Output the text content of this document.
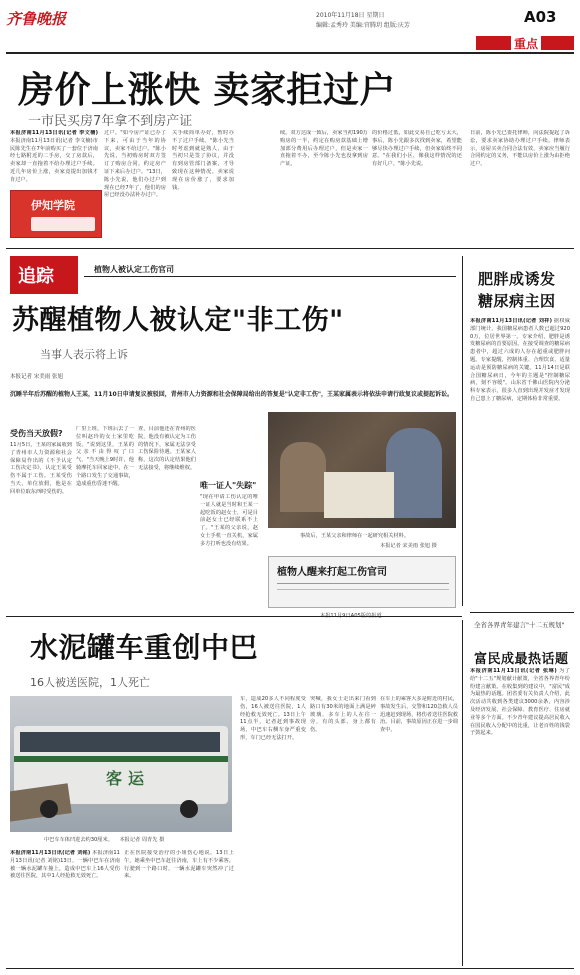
齐鲁晚报	2010年11月18日 星期日
编辑:孟秀玲 美编:官腾玥 组版:庆芳	A03
重点
房价上涨快 卖家拒过户
一市民买房7年拿不到房产证
本报济南11月13日讯(记者 李文楠) 本报济南11月13日讯(记者 李文楠)市民陈先生在7年前购买了一套位于济南经七路附近的二手房，交了房款后，卖家却一直拖着不给办理过户手续。近几年房价上涨，卖家竟提出加钱才肯过户。
伊知学院
过户。"如今房产证已办了下来，可由于当年的协议，卖家不给过户。"陈小先说，当初购房时双方签订了购房合同，约定房产证下来后办过户。"13日，陈小先说，他们办过户到现在已经7年了，他们的房屋已经没办法补办过户。
关手续简单办好，暂时办不了过户手续。"陈小先当时考虑到就是熟人，由于当初只是签了协议，并没有到房管部门备案，才导致现在这种情况。卖家说现在房价涨了，要求加钱。
续。双方达成一致后，卖家当初190万购房的一半，约定在购房款基础上增加部分费用后办理过户，但是卖家一直拖着不办，至今陈小先也没拿到房产证。
的价格过低，如此交易自己吃亏太大，事后，陈小先跟多次找到卖家，希望能够尽快办理过户手续，但卖家始终不同意。"在我们小区，像我这样情况的还有好几户。"陈小先说。
日前，陈小先已委托律师，向法院提起了诉讼，要求卖家协助办理过户手续。律师表示，房屋买卖合同合法有效，卖家应当履行合同约定的义务，不能以房价上涨为由拒绝过户。
追踪	植物人被认定工伤官司
苏醒植物人被认定"非工伤"
当事人表示将上诉
本报记者 宋美雨 张旭
沉睡半年后苏醒的植物人王某，11月10日申请复议被驳回，青州市人力资源和社会保障局给出的答复是"认定非工伤"，王某家属表示将依法申请行政复议或提起诉讼。
受伤当天放假?
11月5日，王某的家属收到了青州市人力资源和社会保障局作出的《不予认定工伤决定书》，认定王某受伤不属于工伤。王某受伤当天，单位放假，他是在回单位取东西时受伤的。
厂里上班，下班后去了一位叫赵玲的女士家里吃饭。"说到这里，王某的父亲不由得叹了口气，"当天晚上9时许，他骑摩托车回家途中，在一个路口发生了交通事故，造成重伤昏迷不醒。
查，目前他还在青州的医院，他没有被认定为工伤的情况下，家属无法享受工伤保险待遇。王某家人称，这次的认定结果他们无法接受，将继续维权。
唯一证人"失踪"
"现在申请工伤认定的唯一证人就是当时和王某一起吃饭的赵女士，可是目前赵女士已经联系不上了。"王某的父亲说，赵女士手机一直关机，家属多方打听也没有结果。
事故后，王某父亲和律师在一起研究相关材料。
本报记者 宋美雨 张旭 摄
植物人醒来打起工伤官司
肥胖成诱发糖尿病主因
本报济南11月13日讯(记者 刘祥) 据权威部门统计，我国糖尿病患者人数已超过9200万，位居世界第一。专家介绍，肥胖是诱发糖尿病的首要原因。在接受调查的糖尿病患者中，超过六成的人存在超重或肥胖问题。专家提醒，控制体重、合理饮食、适量运动是预防糖尿病的关键。11月14日是联合国糖尿病日，今年的主题是"控制糖尿病，刻不容缓"。山东省千佛山医院内分泌科专家表示，很多人直到出现并发症才发现自己患上了糖尿病，定期体检非常重要。
全省各界青年建言"十二五规划"
富民成最热话题
本报济南11月13日讯(记者 张琳) 为了给"十二五"规划献计献策，全省各界青年纷纷建言献策。在收集到的建议中，"富民"成为最热的话题。团省委有关负责人介绍，此次活动共收到各类建议3000余条，内容涉及经济发展、社会保障、教育医疗、住房就业等多个方面。不少青年建议提高居民收入在国民收入分配中的比重，让老百姓的钱袋子鼓起来。
水泥罐车重创中巴
16人被送医院，1人死亡
客运
中巴车车体凹进去约30厘米。 本报记者 周青先 摄
本报济南11月13日讯(记者 刘铭) 本报济南11月13日讯(记者 刘铭)13日，一辆中巴车在济南被一辆水泥罐车撞上，造成中巴车上16人受伤被送往医院，其中1人经抢救无效死亡。
正在医院接受治疗的小姐伤心地说，13日上午，她乘坐中巴车赶往济南，车上有不少乘客。行驶到一个路口时，一辆水泥罐车突然冲了过来。
车，造成20多人不同程度受伤，16人被送往医院，1人经抢救无效死亡。13日上午11点半，记者赶到事故现场，中巴车右侧车身严重变形，车门已经无法打开。
突喊，我女士走出来门看到路口有30米的地面上满是碎玻璃，多车上的人在往一旁，有的头部、身上都有伤。
在车上的乘客大多是附近的村民，事故发生后，交警和120急救人员迅速赶到现场，将伤者送往医院救治。目前，事故原因正在进一步调查中。
